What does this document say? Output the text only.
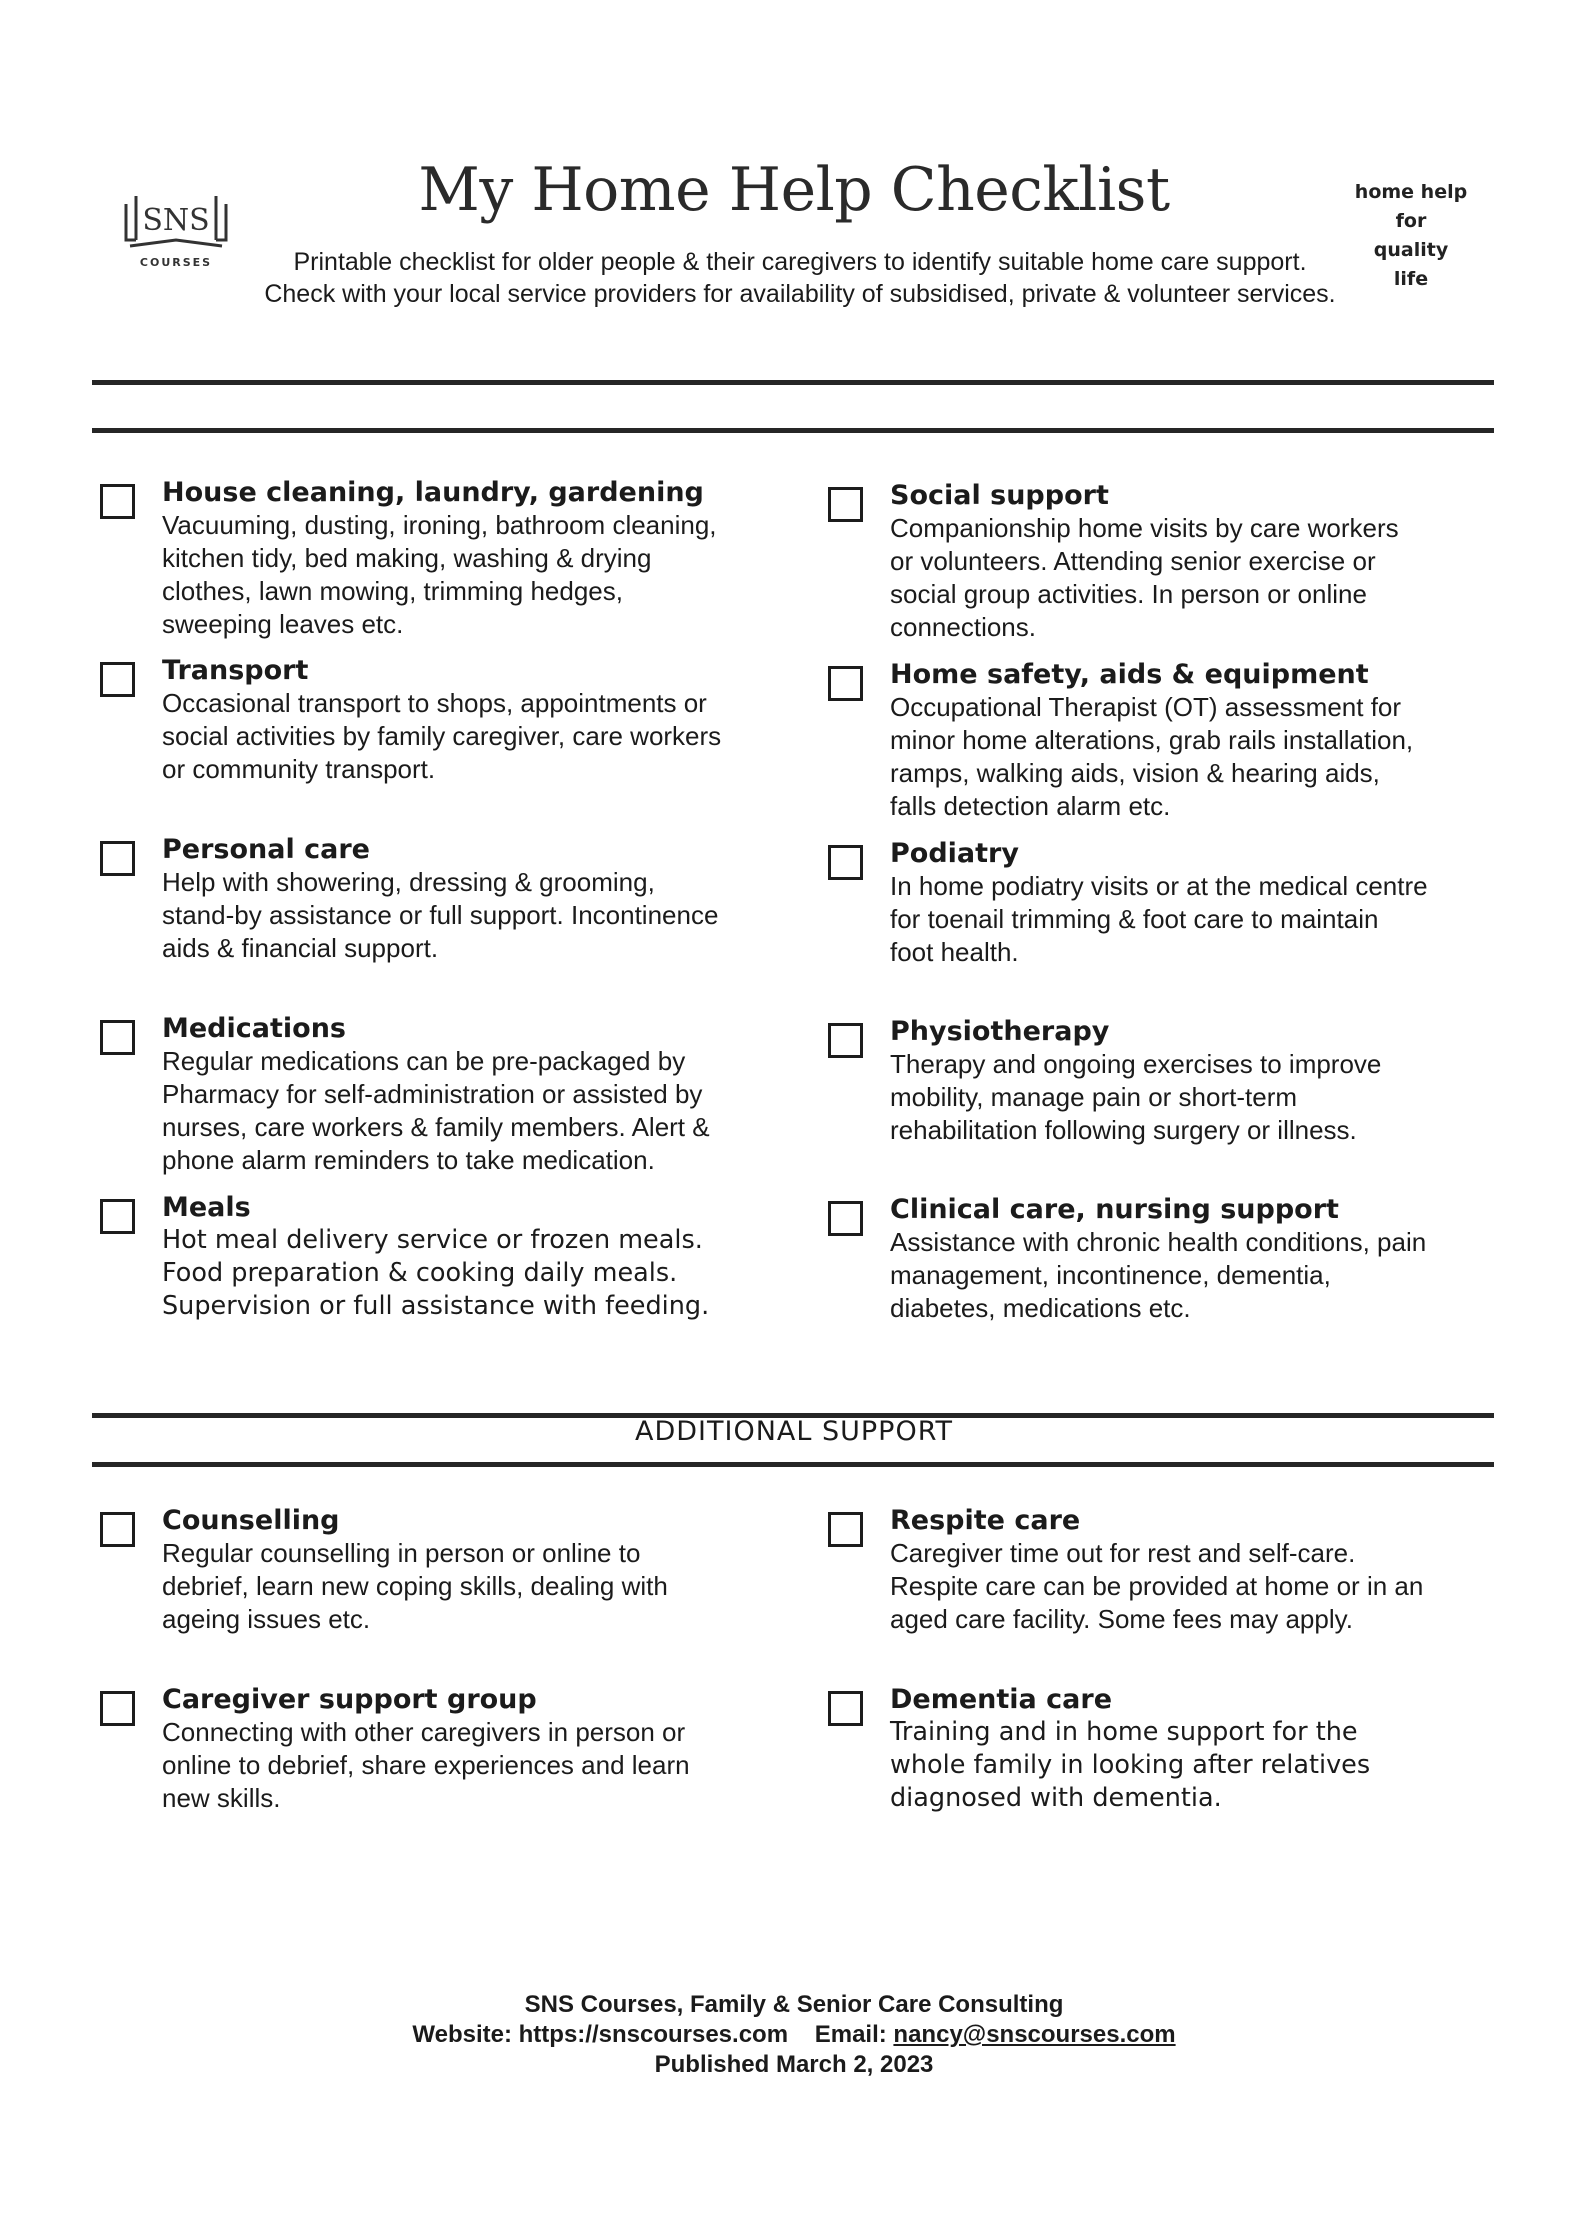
SNS
COURSES
My Home Help Checklist
Printable checklist for older people & their caregivers to identify suitable home care support. Check with your local service providers for availability of subsidised, private & volunteer services.
home help
for
quality
life
House cleaning, laundry, gardening
Vacuuming, dusting, ironing, bathroom cleaning,
kitchen tidy, bed making, washing & drying
clothes, lawn mowing, trimming hedges,
sweeping leaves etc.
Transport
Occasional transport to shops, appointments or
social activities by family caregiver, care workers
or community transport.
Personal care
Help with showering, dressing & grooming,
stand-by assistance or full support. Incontinence
aids & financial support.
Medications
Regular medications can be pre-packaged by
Pharmacy for self-administration or assisted by
nurses, care workers & family members. Alert &
phone alarm reminders to take medication.
Meals
Hot meal delivery service or frozen meals.
Food preparation & cooking daily meals.
Supervision or full assistance with feeding.
Social support
Companionship home visits by care workers
or volunteers. Attending senior exercise or
social group activities. In person or online
connections.
Home safety, aids & equipment
Occupational Therapist (OT) assessment for
minor home alterations, grab rails installation,
ramps, walking aids, vision & hearing aids,
falls detection alarm etc.
Podiatry
In home podiatry visits or at the medical centre
for toenail trimming & foot care to maintain
foot health.
Physiotherapy
Therapy and ongoing exercises to improve
mobility, manage pain or short-term
rehabilitation following surgery or illness.
Clinical care, nursing support
Assistance with chronic health conditions, pain
management, incontinence, dementia,
diabetes, medications etc.
ADDITIONAL SUPPORT
Counselling
Regular counselling in person or online to
debrief, learn new coping skills, dealing with
ageing issues etc.
Caregiver support group
Connecting with other caregivers in person or
online to debrief, share experiences and learn
new skills.
Respite care
Caregiver time out for rest and self-care.
Respite care can be provided at home or in an
aged care facility. Some fees may apply.
Dementia care
Training and in home support for the
whole family in looking after relatives
diagnosed with dementia.
SNS Courses, Family & Senior Care Consulting
Website: https://snscourses.com Email: nancy@snscourses.com
Published March 2, 2023
